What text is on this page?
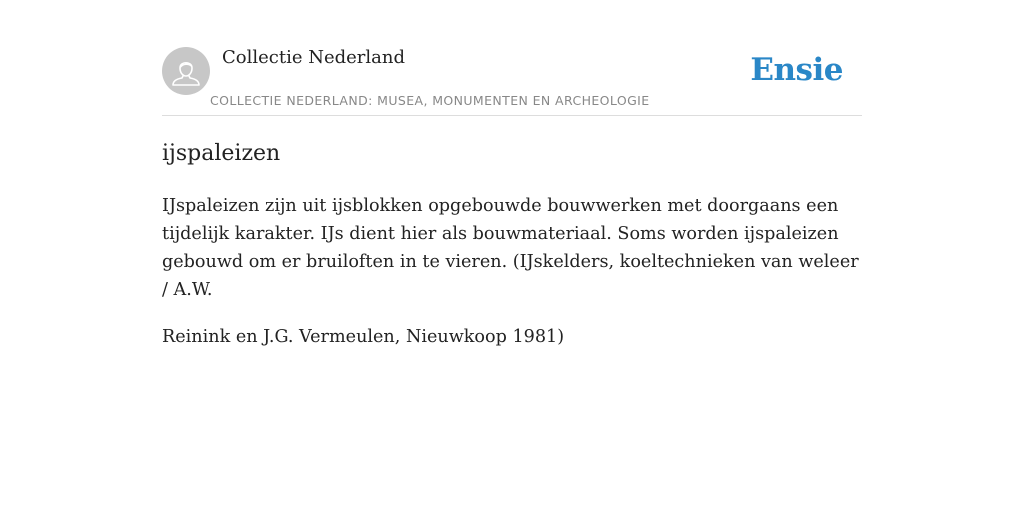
Collectie Nederland
COLLECTIE NEDERLAND: MUSEA, MONUMENTEN EN ARCHEOLOGIE
Ensie
ijspaleizen

IJspaleizen zijn uit ijsblokken opgebouwde bouwwerken met doorgaans een tijdelijk karakter. IJs dient hier als bouwmateriaal. Soms worden ijspaleizen gebouwd om er bruiloften in te vieren. (IJskelders, koeltechnieken van weleer / A.W.

Reinink en J.G. Vermeulen, Nieuwkoop 1981)
